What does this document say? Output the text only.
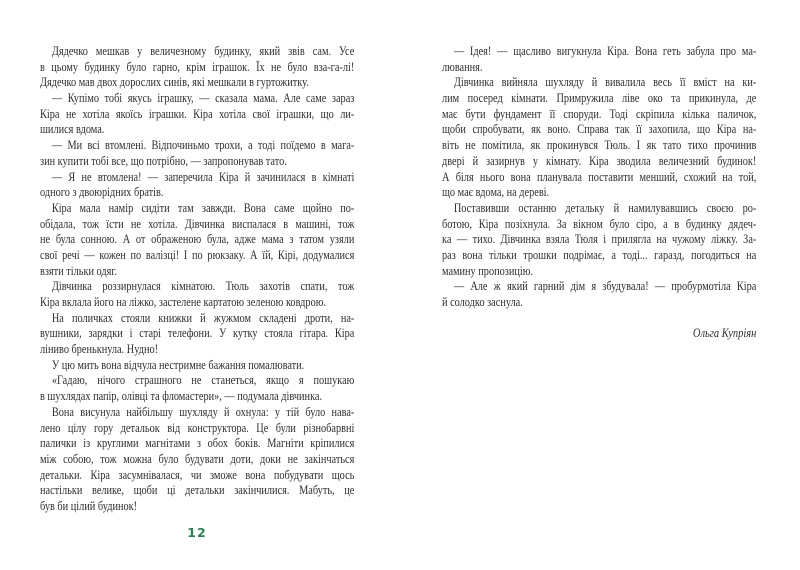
Дядечко мешкав у величезному будинку, який звів сам. Усе
в цьому будинку було гарно, крім іграшок. Їх не було вза-га-лі!
Дядечко мав двох дорослих синів, які мешкали в гуртожитку.
— Купімо тобі якусь іграшку, — сказала мама. Але саме зараз
Кіра не хотіла якоїсь іграшки. Кіра хотіла свої іграшки, що ли-
шилися вдома.
— Ми всі втомлені. Відпочиньмо трохи, а тоді поїдемо в мага-
зин купити тобі все, що потрібно, — запропонував тато.
— Я не втомлена! — заперечила Кіра й зачинилася в кімнаті
одного з двоюрідних братів.
Кіра мала намір сидіти там завжди. Вона саме щойно по-
обідала, тож їсти не хотіла. Дівчинка виспалася в машині, тож
не була сонною. А от ображеною була, адже мама з татом узяли
свої речі — кожен по валізці! І по рюкзаку. А їй, Кірі, додумалися
взяти тільки одяг.
Дівчинка роззирнулася кімнатою. Тюль захотів спати, тож
Кіра вклала його на ліжко, застелене картатою зеленою ковдрою.
На поличках стояли книжки й жужмом складені дроти, на-
вушники, зарядки і старі телефони. У кутку стояла гітара. Кіра
ліниво бренькнула. Нудно!
У цю мить вона відчула нестримне бажання помалювати.
«Гадаю, нічого страшного не станеться, якщо я пошукаю
в шухлядах папір, олівці та фломастери», — подумала дівчинка.
Вона висунула найбільшу шухляду й охнула: у тій було нава-
лено цілу гору детальок від конструктора. Це були різнобарвні
палички із круглими магнітами з обох боків. Магніти кріпилися
між собою, тож можна було будувати доти, доки не закінчаться
детальки. Кіра засумнівалася, чи зможе вона побудувати щось
настільки велике, щоби ці детальки закінчилися. Мабуть, це
був би цілий будинок!
— Ідея! — щасливо вигукнула Кіра. Вона геть забула про ма-
лювання.
Дівчинка вийняла шухляду й вивалила весь її вміст на ки-
лим посеред кімнати. Примружила ліве око та прикинула, де
має бути фундамент її споруди. Тоді скріпила кілька паличок,
щоби спробувати, як воно. Справа так її захопила, що Кіра на-
віть не помітила, як прокинувся Тюль. І як тато тихо прочинив
двері й зазирнув у кімнату. Кіра зводила величезний будинок!
А біля нього вона планувала поставити менший, схожий на той,
що має вдома, на дереві.
Поставивши останню детальку й намилувавшись своєю ро-
ботою, Кіра позіхнула. За вікном було сіро, а в будинку дядеч-
ка — тихо. Дівчинка взяла Тюля і прилягла на чужому ліжку. За-
раз вона тільки трошки подрімає, а тоді... гаразд, погодиться на
мамину пропозицію.
— Але ж який гарний дім я збудувала! — пробурмотіла Кіра
й солодко заснула.
Ольга Купріян
12
